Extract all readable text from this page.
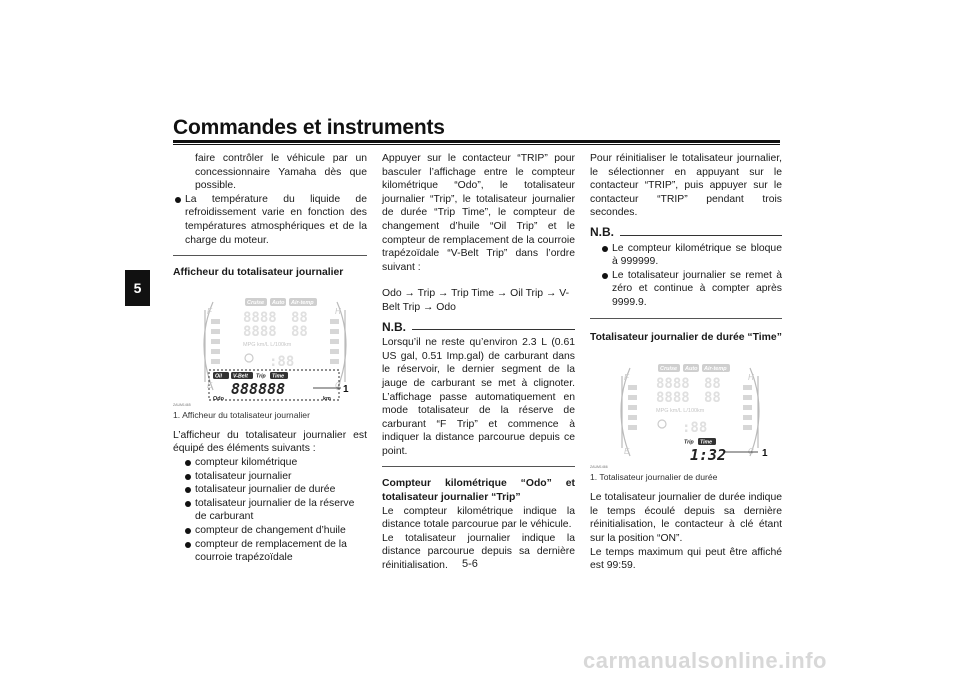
Commandes et instruments
5

faire contrôler le véhicule par un concessionnaire Yamaha dès que possible.

La température du liquide de refroidissement varie en fonction des températures atmosphériques et de la charge du moteur.

Afficheur du totalisateur journalier

Cruise Auto Air-temp
8888 88
8888 88
MPG km/L L/100km
:88
Oil V-Belt Trip Time
888888
Odo	km
F
E
H
C 1
ZAUM1465

1. Afficheur du totalisateur journalier

L’afficheur du totalisateur journalier est équipé des éléments suivants :

compteur kilométrique

totalisateur journalier

totalisateur journalier de durée

totalisateur journalier de la réserve de carburant

compteur de changement d’huile

compteur de remplacement de la courroie trapézoïdale

Appuyer sur le contacteur “TRIP” pour basculer l’affichage entre le compteur kilométrique “Odo”, le totalisateur journalier “Trip”, le totalisateur journalier de durée “Trip Time”, le compteur de changement d’huile “Oil Trip” et le compteur de remplacement de la courroie trapézoïdale “V-Belt Trip” dans l’ordre suivant :

Odo → Trip → Trip Time → Oil Trip → V-Belt Trip → Odo

N.B.

Lorsqu’il ne reste qu’environ 2.3 L (0.61 US gal, 0.51 Imp.gal) de carburant dans le réservoir, le dernier segment de la jauge de carburant se met à clignoter. L’affichage passe automatiquement en mode totalisateur de la réserve de carburant “F Trip” et commence à indiquer la distance parcourue depuis ce point.

Compteur kilométrique “Odo” et totalisateur journalier “Trip”

Le compteur kilométrique indique la distance totale parcourue par le véhicule.

Le totalisateur journalier indique la distance parcourue depuis sa dernière réinitialisation.

Pour réinitialiser le totalisateur journalier, le sélectionner en appuyant sur le contacteur “TRIP”, puis appuyer sur le contacteur “TRIP” pendant trois secondes.

N.B.

Le compteur kilométrique se bloque à 999999.

Le totalisateur journalier se remet à zéro et continue à compter après 9999.9.

Totalisateur journalier de durée “Time”

Cruise Auto Air-temp
8888 88
8888 88
MPG km/L L/100km
:88
Trip Time
1:32
F
E
H
C 1
ZAUM1466

1. Totalisateur journalier de durée

Le totalisateur journalier de durée indique le temps écoulé depuis sa dernière réinitialisation, le contacteur à clé étant sur la position “ON”.

Le temps maximum qui peut être affiché est 99:59.

5-6
carmanualsonline.info
